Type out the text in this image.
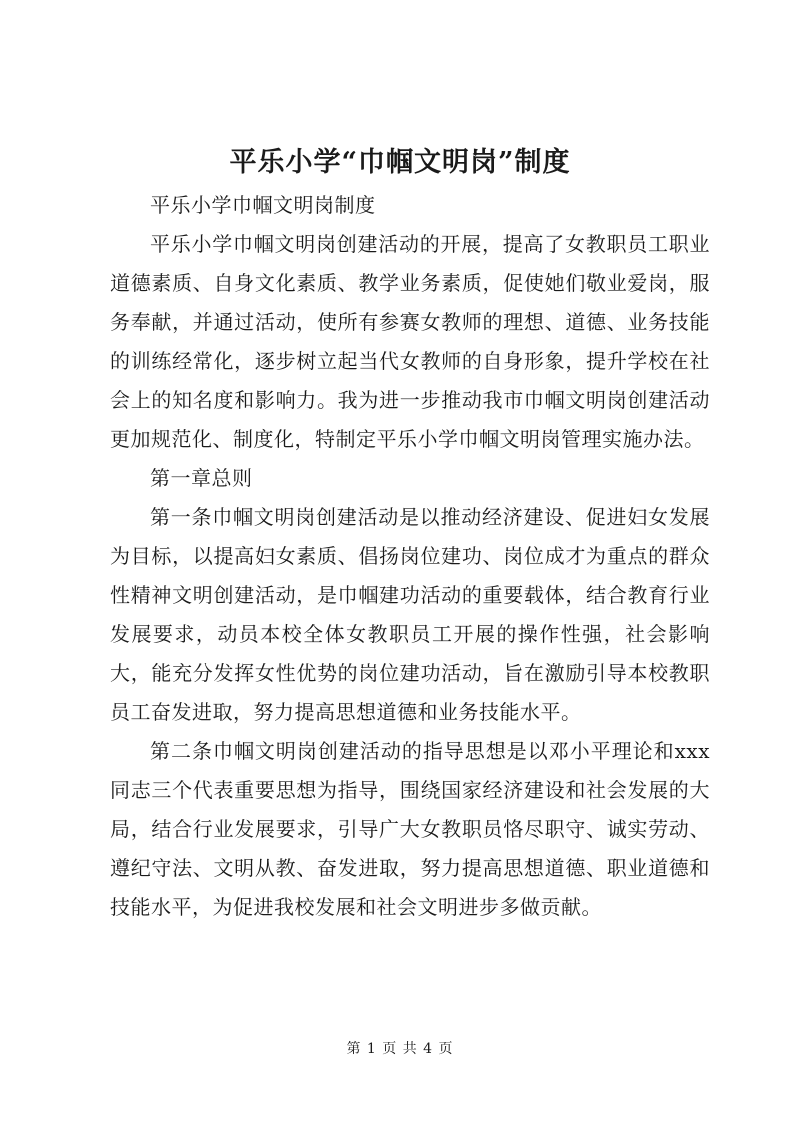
平乐小学“巾帼文明岗”制度

平乐小学巾帼文明岗制度

平乐小学巾帼文明岗创建活动的开展，提高了女教职员工职业道德素质、自身文化素质、教学业务素质，促使她们敬业爱岗，服务奉献，并通过活动，使所有参赛女教师的理想、道德、业务技能的训练经常化，逐步树立起当代女教师的自身形象，提升学校在社会上的知名度和影响力。我为进一步推动我市巾帼文明岗创建活动更加规范化、制度化，特制定平乐小学巾帼文明岗管理实施办法。

第一章总则

第一条巾帼文明岗创建活动是以推动经济建设、促进妇女发展为目标，以提高妇女素质、倡扬岗位建功、岗位成才为重点的群众性精神文明创建活动，是巾帼建功活动的重要载体，结合教育行业发展要求，动员本校全体女教职员工开展的操作性强，社会影响大，能充分发挥女性优势的岗位建功活动，旨在激励引导本校教职员工奋发进取，努力提高思想道德和业务技能水平。

第二条巾帼文明岗创建活动的指导思想是以邓小平理论和xxx同志三个代表重要思想为指导，围绕国家经济建设和社会发展的大局，结合行业发展要求，引导广大女教职员恪尽职守、诚实劳动、遵纪守法、文明从教、奋发进取，努力提高思想道德、职业道德和技能水平，为促进我校发展和社会文明进步多做贡献。

第 1 页 共 4 页
